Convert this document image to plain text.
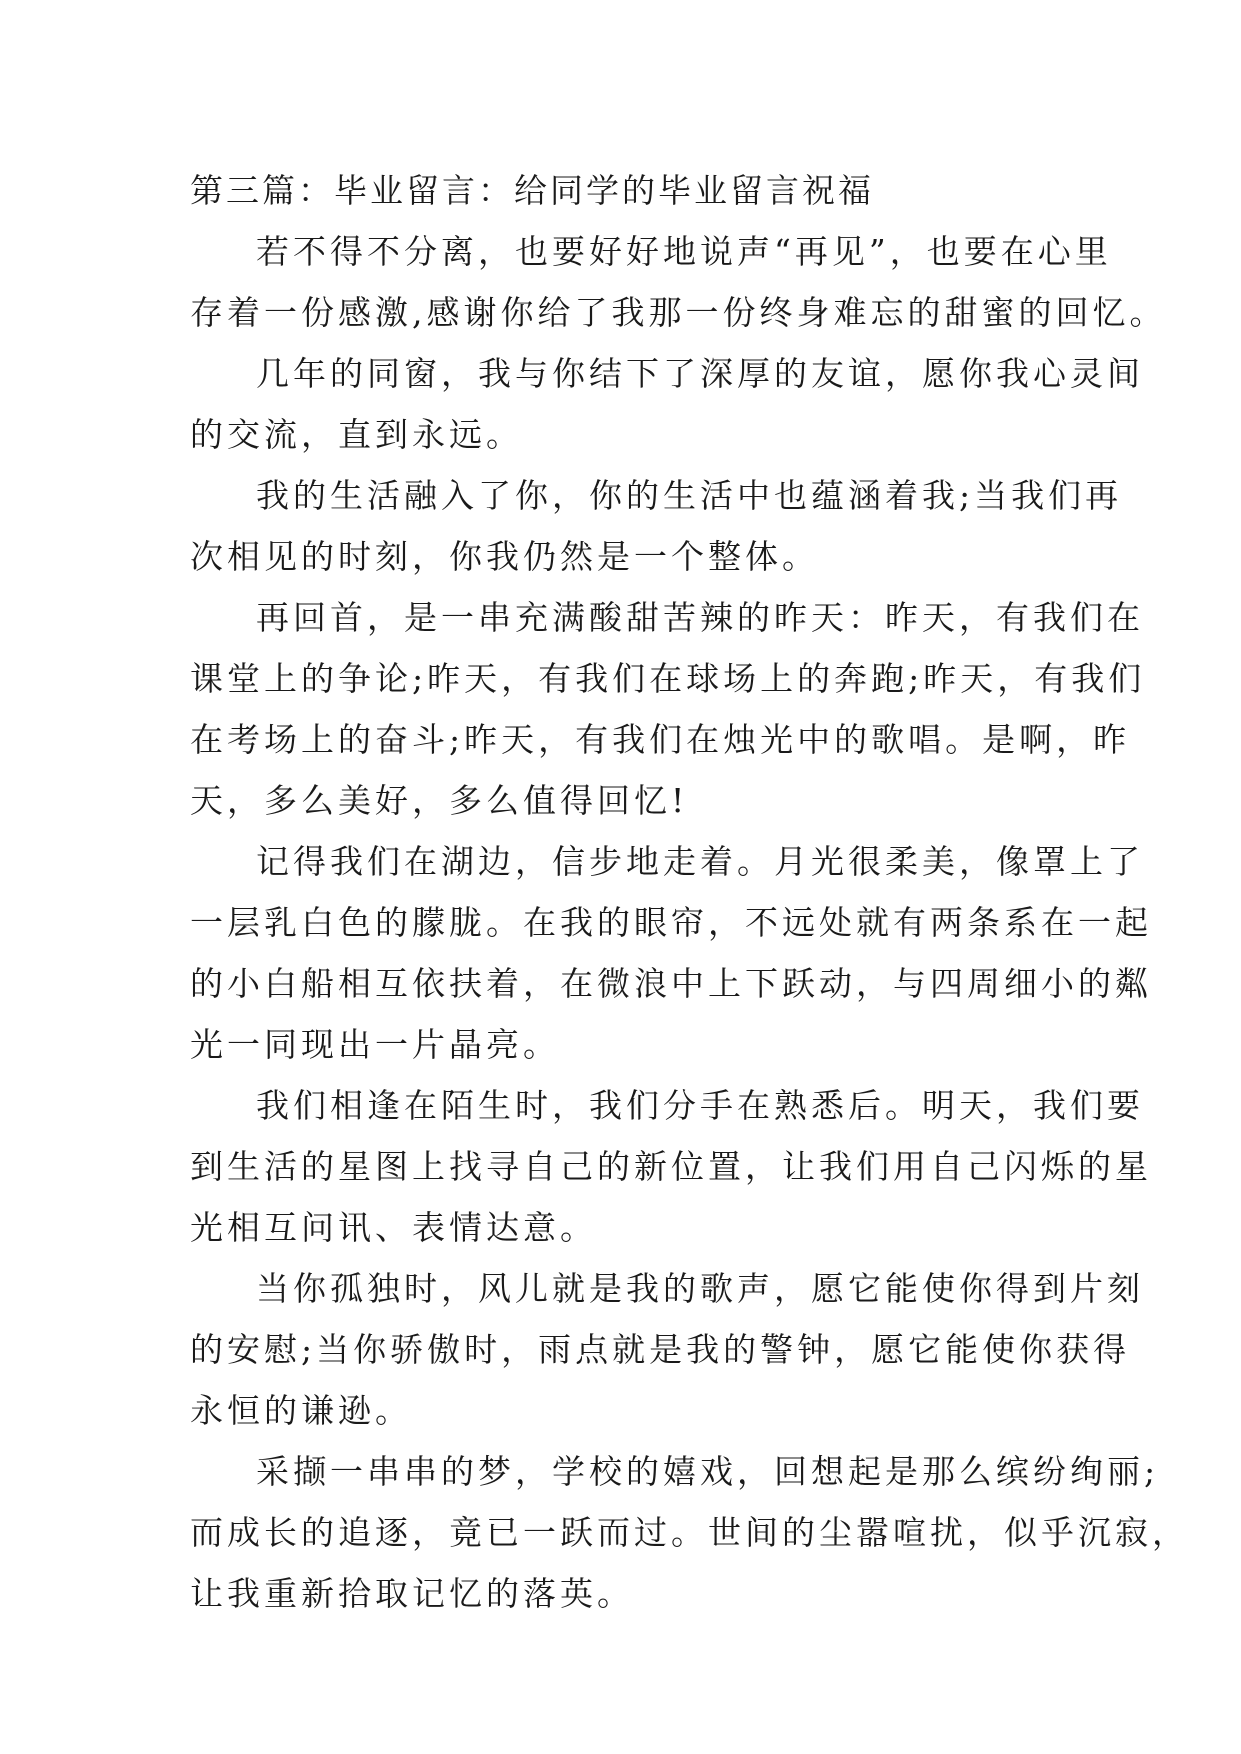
第三篇：毕业留言：给同学的毕业留言祝福
若不得不分离，也要好好地说声“再见”，也要在心里
存着一份感激,感谢你给了我那一份终身难忘的甜蜜的回忆。
几年的同窗，我与你结下了深厚的友谊，愿你我心灵间
的交流，直到永远。
我的生活融入了你，你的生活中也蕴涵着我;当我们再
次相见的时刻，你我仍然是一个整体。
再回首，是一串充满酸甜苦辣的昨天：昨天，有我们在
课堂上的争论;昨天，有我们在球场上的奔跑;昨天，有我们
在考场上的奋斗;昨天，有我们在烛光中的歌唱。是啊，昨
天，多么美好，多么值得回忆!
记得我们在湖边，信步地走着。月光很柔美，像罩上了
一层乳白色的朦胧。在我的眼帘，不远处就有两条系在一起
的小白船相互依扶着，在微浪中上下跃动，与四周细小的粼
光一同现出一片晶亮。
我们相逢在陌生时，我们分手在熟悉后。明天，我们要
到生活的星图上找寻自己的新位置，让我们用自己闪烁的星
光相互问讯、表情达意。
当你孤独时，风儿就是我的歌声，愿它能使你得到片刻
的安慰;当你骄傲时，雨点就是我的警钟，愿它能使你获得
永恒的谦逊。
采撷一串串的梦，学校的嬉戏，回想起是那么缤纷绚丽;
而成长的追逐，竟已一跃而过。世间的尘嚣喧扰，似乎沉寂，
让我重新拾取记忆的落英。
